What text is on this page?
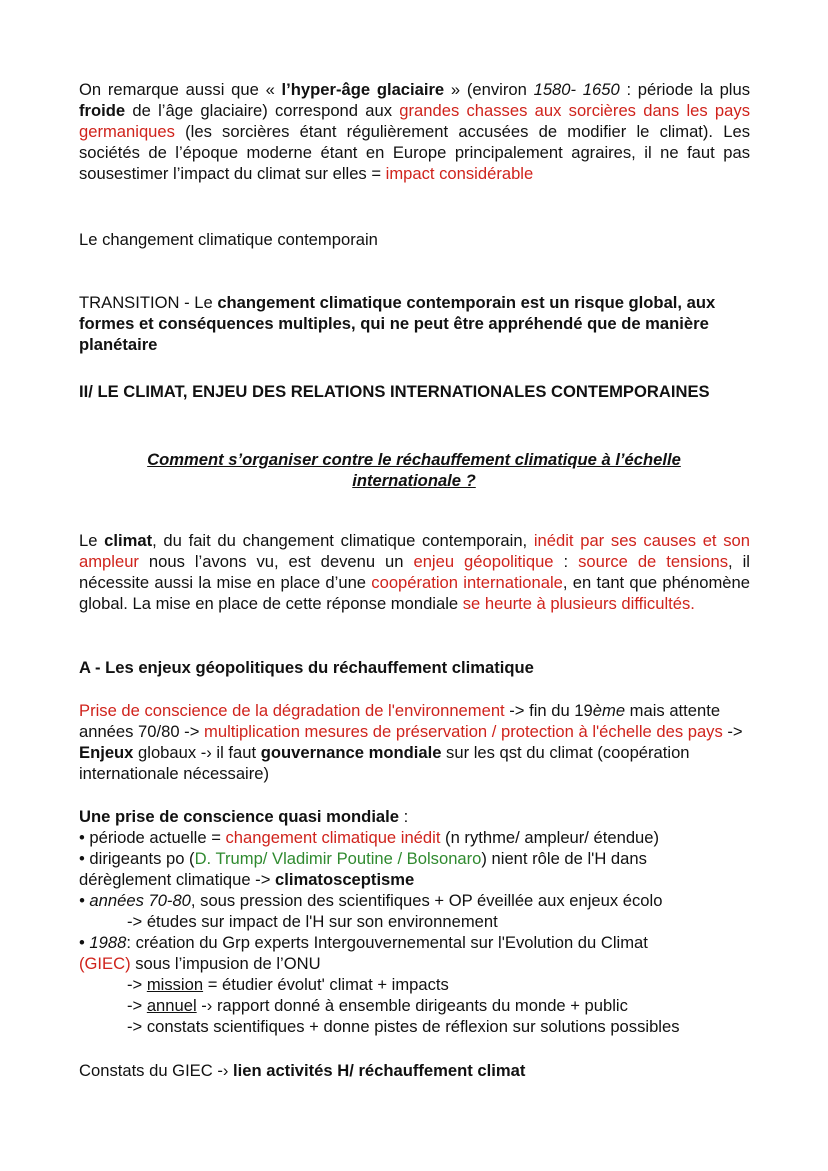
On remarque aussi que « l’hyper-âge glaciaire » (environ 1580- 1650 : période la plus froide de l’âge glaciaire) correspond aux grandes chasses aux sorcières dans les pays germaniques (les sorcières étant régulièrement accusées de modifier le climat). Les sociétés de l’époque moderne étant en Europe principalement agraires, il ne faut pas sousestimer l’impact du climat sur elles = impact considérable

Le changement climatique contemporain

TRANSITION - Le changement climatique contemporain est un risque global, aux formes et conséquences multiples, qui ne peut être appréhendé que de manière planétaire

II/ LE CLIMAT, ENJEU DES RELATIONS INTERNATIONALES CONTEMPORAINES

Comment s’organiser contre le réchauffement climatique à l’échelle internationale ?

Le climat, du fait du changement climatique contemporain, inédit par ses causes et son ampleur nous l’avons vu, est devenu un enjeu géopolitique : source de tensions, il nécessite aussi la mise en place d’une coopération internationale, en tant que phénomène global. La mise en place de cette réponse mondiale se heurte à plusieurs difficultés.

A - Les enjeux géopolitiques du réchauffement climatique

Prise de conscience de la dégradation de l'environnement -> fin du 19ème mais attente années 70/80 -> multiplication mesures de préservation / protection à l'échelle des pays -> Enjeux globaux -› il faut gouvernance mondiale sur les qst du climat (coopération internationale nécessaire)

Une prise de conscience quasi mondiale :
• période actuelle = changement climatique inédit (n rythme/ ampleur/ étendue)
• dirigeants po (D. Trump/ Vladimir Poutine / Bolsonaro) nient rôle de l'H dans
dérèglement climatique -> climatosceptisme
• années 70-80, sous pression des scientifiques + OP éveillée aux enjeux écolo
-> études sur impact de l'H sur son environnement
• 1988: création du Grp experts Intergouvernemental sur l'Evolution du Climat
(GIEC) sous l’impusion de l’ONU
-> mission = étudier évolut' climat + impacts
-> annuel -› rapport donné à ensemble dirigeants du monde + public
-> constats scientifiques + donne pistes de réflexion sur solutions possibles

Constats du GIEC -› lien activités H/ réchauffement climat
